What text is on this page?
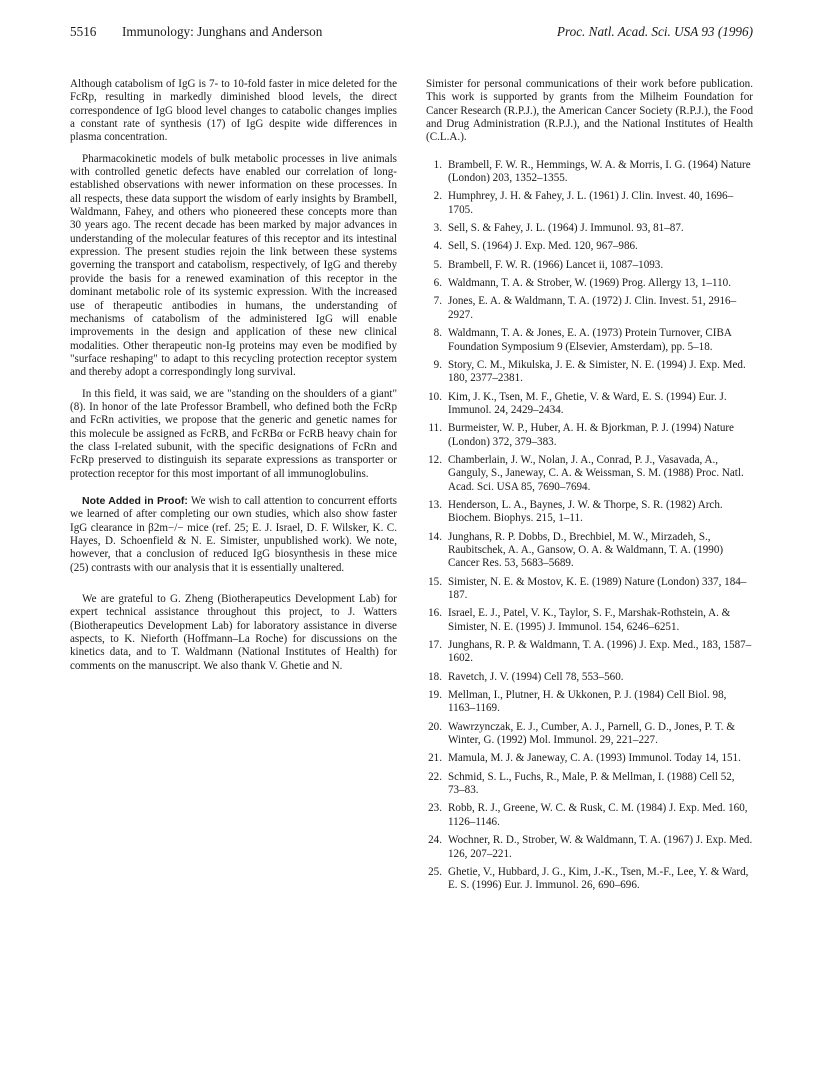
5516 Immunology: Junghans and Anderson	Proc. Natl. Acad. Sci. USA 93 (1996)

Although catabolism of IgG is 7- to 10-fold faster in mice deleted for the FcRp, resulting in markedly diminished blood levels, the direct correspondence of IgG blood level changes to catabolic changes implies a constant rate of synthesis (17) of IgG despite wide differences in plasma concentration.

Pharmacokinetic models of bulk metabolic processes in live animals with controlled genetic defects have enabled our correlation of long-established observations with newer information on these processes. In all respects, these data support the wisdom of early insights by Brambell, Waldmann, Fahey, and others who pioneered these concepts more than 30 years ago. The recent decade has been marked by major advances in understanding of the molecular features of this receptor and its intestinal expression. The present studies rejoin the link between these systems governing the transport and catabolism, respectively, of IgG and thereby provide the basis for a renewed examination of this receptor in the dominant metabolic role of its systemic expression. With the increased use of therapeutic antibodies in humans, the understanding of mechanisms of catabolism of the administered IgG will enable improvements in the design and application of these new clinical modalities. Other therapeutic non-Ig proteins may even be modified by "surface reshaping" to adapt to this recycling protection receptor system and thereby adopt a correspondingly long survival.

In this field, it was said, we are "standing on the shoulders of a giant" (8). In honor of the late Professor Brambell, who defined both the FcRp and FcRn activities, we propose that the generic and genetic names for this molecule be assigned as FcRB, and FcRBα or FcRB heavy chain for the class I-related subunit, with the specific designations of FcRn and FcRp preserved to distinguish its separate expressions as transporter or protection receptor for this most important of all immunoglobulins.

Note Added in Proof: We wish to call attention to concurrent efforts we learned of after completing our own studies, which also show faster IgG clearance in β2m−/− mice (ref. 25; E. J. Israel, D. F. Wilsker, K. C. Hayes, D. Schoenfield & N. E. Simister, unpublished work). We note, however, that a conclusion of reduced IgG biosynthesis in these mice (25) contrasts with our analysis that it is essentially unaltered.

We are grateful to G. Zheng (Biotherapeutics Development Lab) for expert technical assistance throughout this project, to J. Watters (Biotherapeutics Development Lab) for laboratory assistance in diverse aspects, to K. Nieforth (Hoffmann–La Roche) for discussions on the kinetics data, and to T. Waldmann (National Institutes of Health) for comments on the manuscript. We also thank V. Ghetie and N.

Simister for personal communications of their work before publication. This work is supported by grants from the Milheim Foundation for Cancer Research (R.P.J.), the American Cancer Society (R.P.J.), the Food and Drug Administration (R.P.J.), and the National Institutes of Health (C.L.A.).

1. Brambell, F. W. R., Hemmings, W. A. & Morris, I. G. (1964) Nature (London) 203, 1352–1355.
2. Humphrey, J. H. & Fahey, J. L. (1961) J. Clin. Invest. 40, 1696–1705.
3. Sell, S. & Fahey, J. L. (1964) J. Immunol. 93, 81–87.
4. Sell, S. (1964) J. Exp. Med. 120, 967–986.
5. Brambell, F. W. R. (1966) Lancet ii, 1087–1093.
6. Waldmann, T. A. & Strober, W. (1969) Prog. Allergy 13, 1–110.
7. Jones, E. A. & Waldmann, T. A. (1972) J. Clin. Invest. 51, 2916–2927.
8. Waldmann, T. A. & Jones, E. A. (1973) Protein Turnover, CIBA Foundation Symposium 9 (Elsevier, Amsterdam), pp. 5–18.
9. Story, C. M., Mikulska, J. E. & Simister, N. E. (1994) J. Exp. Med. 180, 2377–2381.
10. Kim, J. K., Tsen, M. F., Ghetie, V. & Ward, E. S. (1994) Eur. J. Immunol. 24, 2429–2434.
11. Burmeister, W. P., Huber, A. H. & Bjorkman, P. J. (1994) Nature (London) 372, 379–383.
12. Chamberlain, J. W., Nolan, J. A., Conrad, P. J., Vasavada, A., Ganguly, S., Janeway, C. A. & Weissman, S. M. (1988) Proc. Natl. Acad. Sci. USA 85, 7690–7694.
13. Henderson, L. A., Baynes, J. W. & Thorpe, S. R. (1982) Arch. Biochem. Biophys. 215, 1–11.
14. Junghans, R. P. Dobbs, D., Brechbiel, M. W., Mirzadeh, S., Raubitschek, A. A., Gansow, O. A. & Waldmann, T. A. (1990) Cancer Res. 53, 5683–5689.
15. Simister, N. E. & Mostov, K. E. (1989) Nature (London) 337, 184–187.
16. Israel, E. J., Patel, V. K., Taylor, S. F., Marshak-Rothstein, A. & Simister, N. E. (1995) J. Immunol. 154, 6246–6251.
17. Junghans, R. P. & Waldmann, T. A. (1996) J. Exp. Med., 183, 1587–1602.
18. Ravetch, J. V. (1994) Cell 78, 553–560.
19. Mellman, I., Plutner, H. & Ukkonen, P. J. (1984) Cell Biol. 98, 1163–1169.
20. Wawrzynczak, E. J., Cumber, A. J., Parnell, G. D., Jones, P. T. & Winter, G. (1992) Mol. Immunol. 29, 221–227.
21. Mamula, M. J. & Janeway, C. A. (1993) Immunol. Today 14, 151.
22. Schmid, S. L., Fuchs, R., Male, P. & Mellman, I. (1988) Cell 52, 73–83.
23. Robb, R. J., Greene, W. C. & Rusk, C. M. (1984) J. Exp. Med. 160, 1126–1146.
24. Wochner, R. D., Strober, W. & Waldmann, T. A. (1967) J. Exp. Med. 126, 207–221.
25. Ghetie, V., Hubbard, J. G., Kim, J.-K., Tsen, M.-F., Lee, Y. & Ward, E. S. (1996) Eur. J. Immunol. 26, 690–696.
